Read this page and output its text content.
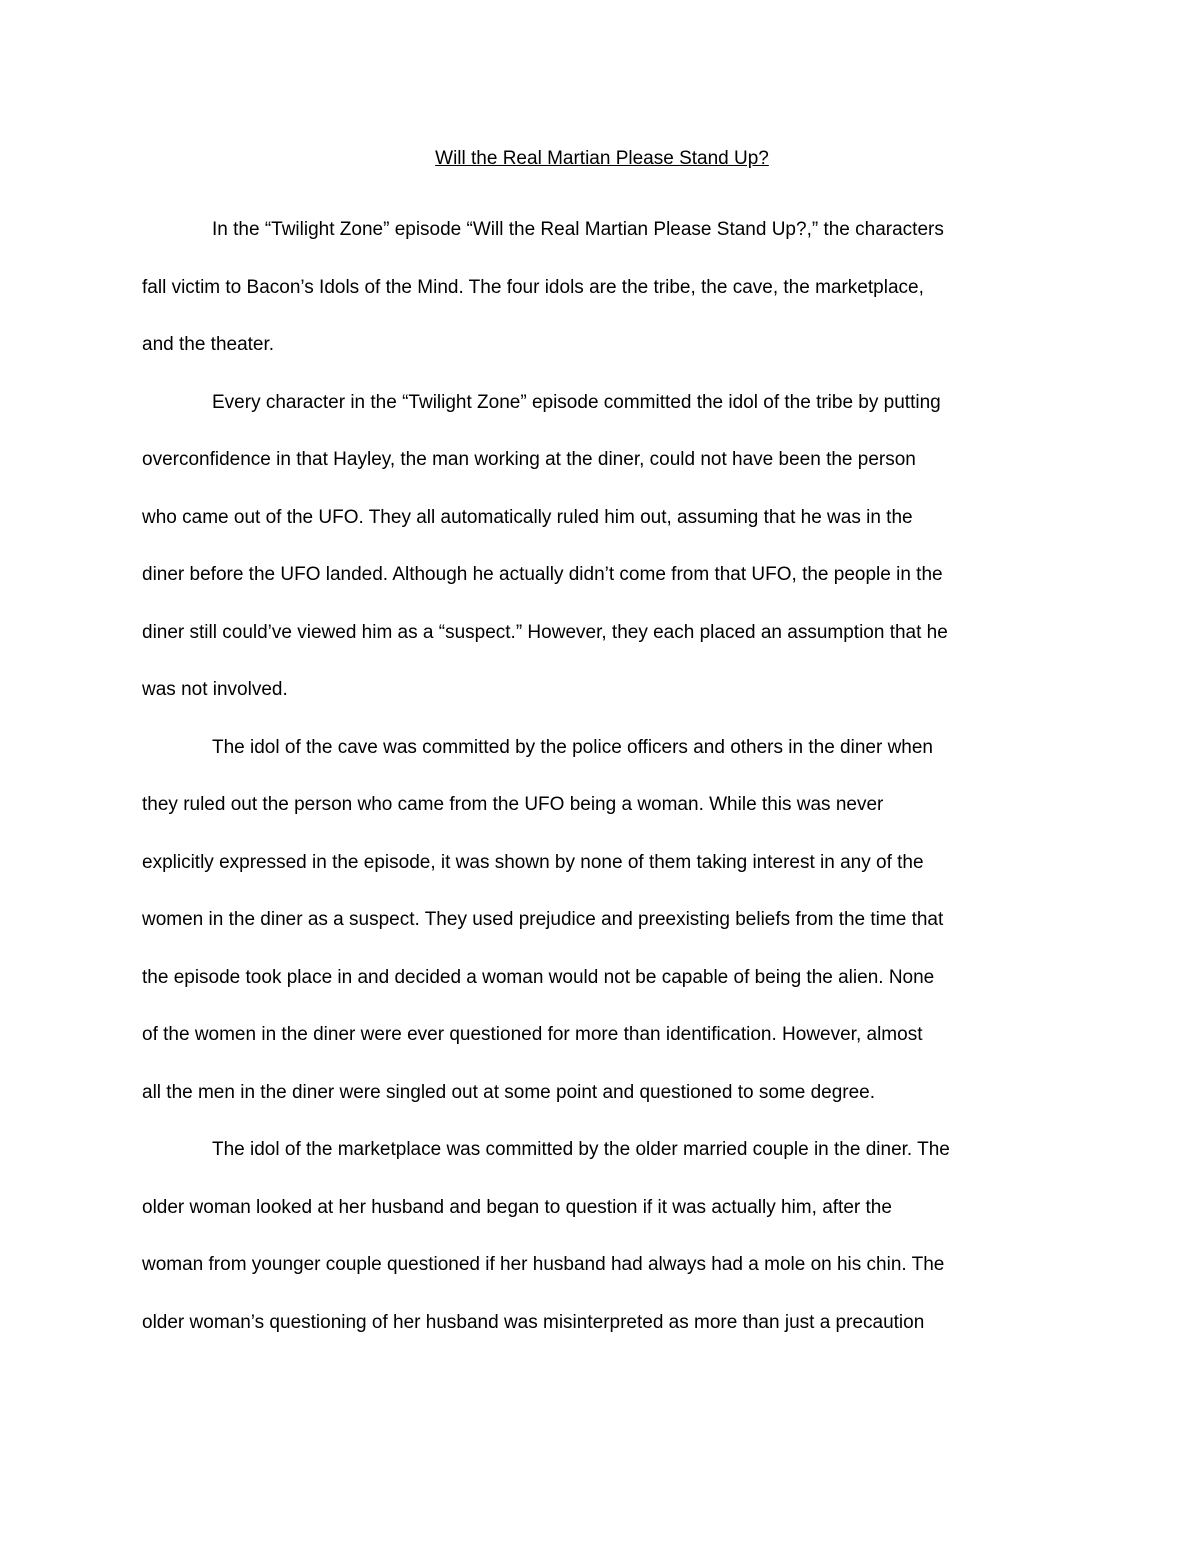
Will the Real Martian Please Stand Up?

In the “Twilight Zone” episode “Will the Real Martian Please Stand Up?,” the characters
fall victim to Bacon’s Idols of the Mind. The four idols are the tribe, the cave, the marketplace,
and the theater.

Every character in the “Twilight Zone” episode committed the idol of the tribe by putting
overconfidence in that Hayley, the man working at the diner, could not have been the person
who came out of the UFO. They all automatically ruled him out, assuming that he was in the
diner before the UFO landed. Although he actually didn’t come from that UFO, the people in the
diner still could’ve viewed him as a “suspect.” However, they each placed an assumption that he
was not involved.

The idol of the cave was committed by the police officers and others in the diner when
they ruled out the person who came from the UFO being a woman. While this was never
explicitly expressed in the episode, it was shown by none of them taking interest in any of the
women in the diner as a suspect. They used prejudice and preexisting beliefs from the time that
the episode took place in and decided a woman would not be capable of being the alien. None
of the women in the diner were ever questioned for more than identification. However, almost
all the men in the diner were singled out at some point and questioned to some degree.

The idol of the marketplace was committed by the older married couple in the diner. The
older woman looked at her husband and began to question if it was actually him, after the
woman from younger couple questioned if her husband had always had a mole on his chin. The
older woman’s questioning of her husband was misinterpreted as more than just a precaution
